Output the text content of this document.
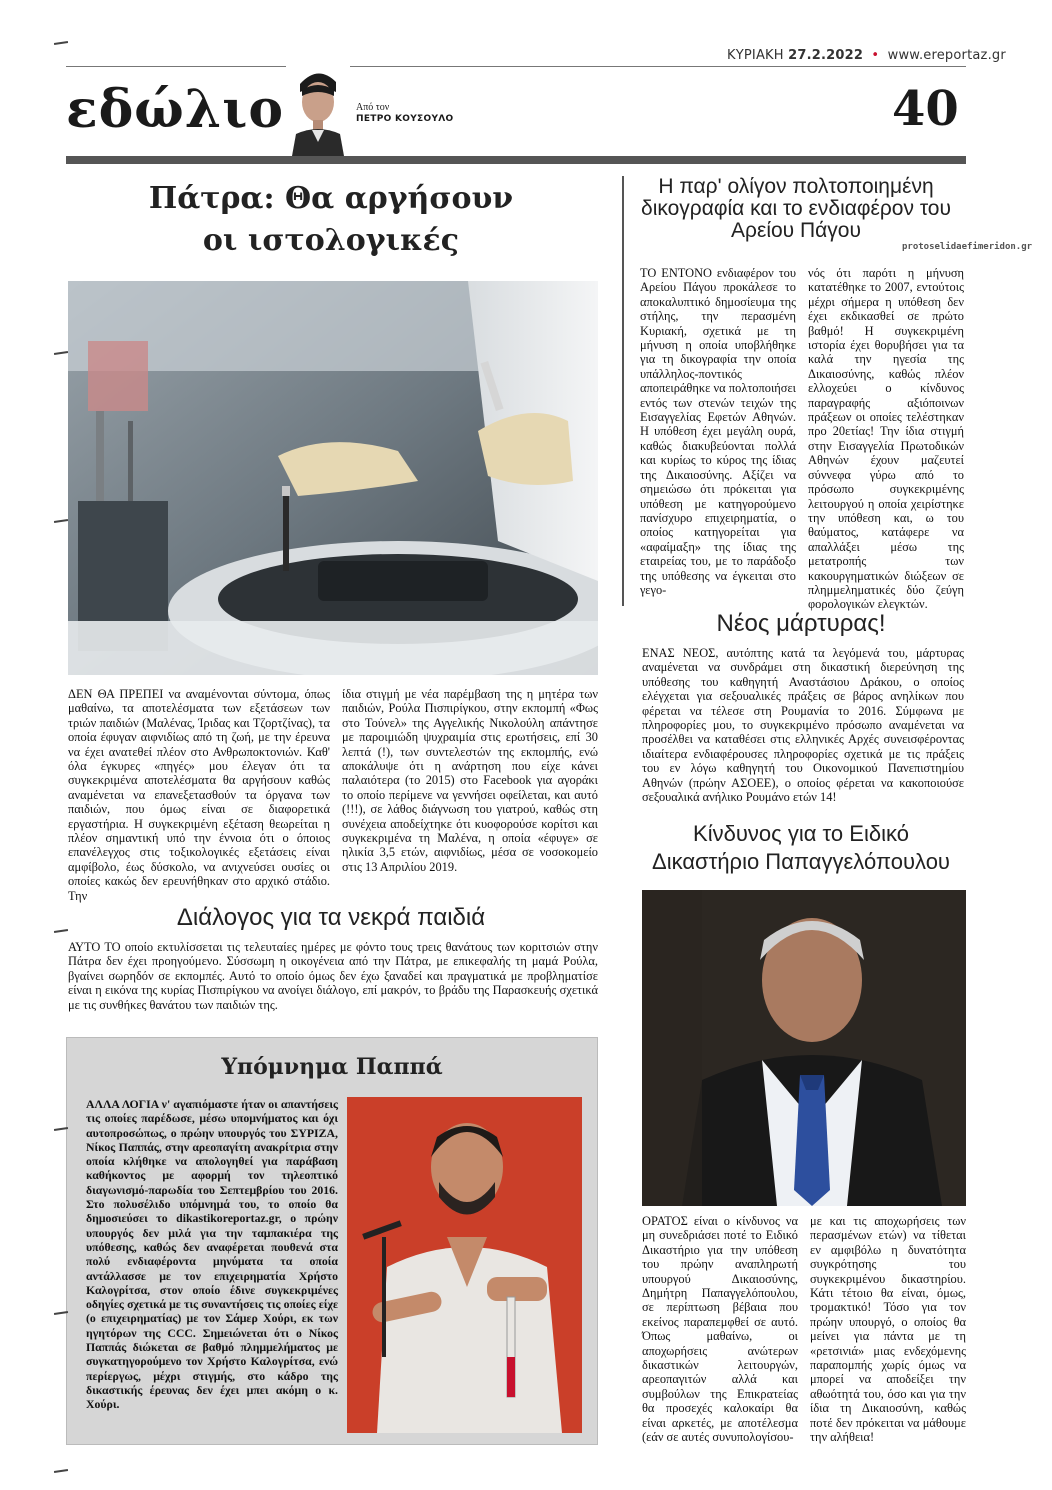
ΚΥΡΙΑΚΗ 27.2.2022 • www.ereportaz.gr
εδώλιο	Από τον
ΠΕΤΡΟ ΚΟΥΣΟΥΛΟ	40
Πάτρα: Θα αργήσουν
οι ιστολογικές
ΔΕΝ ΘΑ ΠΡΕΠΕΙ να αναμένονται σύντομα, όπως μαθαίνω, τα αποτελέσματα των εξετάσεων των τριών παιδιών (Μαλένας, Ίριδας και Τζορτζίνας), τα οποία έφυγαν αιφνιδίως από τη ζωή, με την έρευνα να έχει ανατεθεί πλέον στο Ανθρωποκτονιών. Καθ' όλα έγκυρες «πηγές» μου έλεγαν ότι τα συγκεκριμένα αποτελέσματα θα αργήσουν καθώς αναμένεται να επανεξετασθούν τα όργανα των παιδιών, που όμως είναι σε διαφορετικά εργαστήρια. Η συγκεκριμένη εξέταση θεωρείται η πλέον σημαντική υπό την έννοια ότι ο όποιος επανέλεγχος στις τοξικολογικές εξετάσεις είναι αμφίβολο, έως δύσκολο, να ανιχνεύσει ουσίες οι οποίες κακώς δεν ερευνήθηκαν στο αρχικό στάδιο. Την
ίδια στιγμή με νέα παρέμβαση της η μητέρα των παιδιών, Ρούλα Πισπιρίγκου, στην εκπομπή «Φως στο Τούνελ» της Αγγελικής Νικολούλη απάντησε με παροιμιώδη ψυχραιμία στις ερωτήσεις, επί 30 λεπτά (!), των συντελεστών της εκπομπής, ενώ αποκάλυψε ότι η ανάρτηση που είχε κάνει παλαιότερα (το 2015) στο Facebook για αγοράκι το οποίο περίμενε να γεννήσει οφείλεται, και αυτό (!!!), σε λάθος διάγνωση του γιατρού, καθώς στη συνέχεια αποδείχτηκε ότι κυοφορούσε κορίτσι και συγκεκριμένα τη Μαλένα, η οποία «έφυγε» σε ηλικία 3,5 ετών, αιφνιδίως, μέσα σε νοσοκομείο στις 13 Απριλίου 2019.
Διάλογος για τα νεκρά παιδιά
ΑΥΤΟ ΤΟ οποίο εκτυλίσσεται τις τελευταίες ημέρες με φόντο τους τρεις θανάτους των κοριτσιών στην Πάτρα δεν έχει προηγούμενο. Σύσσωμη η οικογένεια από την Πάτρα, με επικεφαλής τη μαμά Ρούλα, βγαίνει σωρηδόν σε εκπομπές. Αυτό το οποίο όμως δεν έχω ξαναδεί και πραγματικά με προβληματίσε είναι η εικόνα της κυρίας Πισπιρίγκου να ανοίγει διάλογο, επί μακρόν, το βράδυ της Παρασκευής σχετικά με τις συνθήκες θανάτου των παιδιών της.
Υπόμνημα Παππά
ΑΛΛΑ ΛΟΓΙΑ ν' αγαπιόμαστε ήταν οι απαντήσεις τις οποίες παρέδωσε, μέσω υπομνήματος και όχι αυτοπροσώπως, ο πρώην υπουργός του ΣΥΡΙΖΑ, Νίκος Παππάς, στην αρεοπαγίτη ανακρίτρια στην οποία κλήθηκε να απολογηθεί για παράβαση καθήκοντος με αφορμή τον τηλεοπτικό διαγωνισμό-παρωδία του Σεπτεμβρίου του 2016. Στο πολυσέλιδο υπόμνημά του, το οποίο θα δημοσιεύσει το dikastikoreportaz.gr, ο πρώην υπουργός δεν μιλά για την ταμπακιέρα της υπόθεσης, καθώς δεν αναφέρεται πουθενά στα πολύ ενδιαφέροντα μηνύματα τα οποία αντάλλασσε με τον επιχειρηματία Χρήστο Καλογρίτσα, στον οποίο έδινε συγκεκριμένες οδηγίες σχετικά με τις συναντήσεις τις οποίες είχε (ο επιχειρηματίας) με τον Σάμερ Χούρι, εκ των ηγητόρων της CCC. Σημειώνεται ότι ο Νίκος Παππάς διώκεται σε βαθμό πλημμελήματος με συγκατηγορούμενο τον Χρήστο Καλογρίτσα, ενώ περίεργως, μέχρι στιγμής, στο κάδρο της δικαστικής έρευνας δεν έχει μπει ακόμη ο κ. Χούρι.
Η παρ' ολίγον πολτοποιημένη δικογραφία και το ενδιαφέρον του Αρείου Πάγου
protoselidaefimeridon.gr
ΤΟ ΕΝΤΟΝΟ ενδιαφέρον του Αρείου Πάγου προκάλεσε το αποκαλυπτικό δημοσίευμα της στήλης, την περασμένη Κυριακή, σχετικά με τη μήνυση η οποία υποβλήθηκε για τη δικογραφία την οποία υπάλληλος-ποντικός αποπειράθηκε να πολτοποιήσει εντός των στενών τειχών της Εισαγγελίας Εφετών Αθηνών. Η υπόθεση έχει μεγάλη ουρά, καθώς διακυβεύονται πολλά και κυρίως το κύρος της ίδιας της Δικαιοσύνης. Αξίζει να σημειώσω ότι πρόκειται για υπόθεση με κατηγορούμενο πανίσχυρο επιχειρηματία, ο οποίος κατηγορείται για «αφαίμαξη» της ίδιας της εταιρείας του, με το παράδοξο της υπόθεσης να έγκειται στο γεγο-
νός ότι παρότι η μήνυση κατατέθηκε το 2007, εντούτοις μέχρι σήμερα η υπόθεση δεν έχει εκδικασθεί σε πρώτο βαθμό! Η συγκεκριμένη ιστορία έχει θορυβήσει για τα καλά την ηγεσία της Δικαιοσύνης, καθώς πλέον ελλοχεύει ο κίνδυνος παραγραφής αξιόποινων πράξεων οι οποίες τελέστηκαν προ 20ετίας! Την ίδια στιγμή στην Εισαγγελία Πρωτοδικών Αθηνών έχουν μαζευτεί σύννεφα γύρω από το πρόσωπο συγκεκριμένης λειτουργού η οποία χειρίστηκε την υπόθεση και, ω του θαύματος, κατάφερε να απαλλάξει μέσω της μετατροπής των κακουργηματικών διώξεων σε πλημμεληματικές δύο ζεύγη φορολογικών ελεγκτών.
Νέος μάρτυρας!
ΕΝΑΣ ΝΕΟΣ, αυτόπτης κατά τα λεγόμενά του, μάρτυρας αναμένεται να συνδράμει στη δικαστική διερεύνηση της υπόθεσης του καθηγητή Αναστάσιου Δράκου, ο οποίος ελέγχεται για σεξουαλικές πράξεις σε βάρος ανηλίκων που φέρεται να τέλεσε στη Ρουμανία το 2016. Σύμφωνα με πληροφορίες μου, το συγκεκριμένο πρόσωπο αναμένεται να προσέλθει να καταθέσει στις ελληνικές Αρχές συνεισφέροντας ιδιαίτερα ενδιαφέρουσες πληροφορίες σχετικά με τις πράξεις του εν λόγω καθηγητή του Οικονομικού Πανεπιστημίου Αθηνών (πρώην ΑΣΟΕΕ), ο οποίος φέρεται να κακοποιούσε σεξουαλικά ανήλικο Ρουμάνο ετών 14!
Κίνδυνος για το Ειδικό
Δικαστήριο Παπαγγελόπουλου
ΟΡΑΤΟΣ είναι ο κίνδυνος να μη συνεδριάσει ποτέ το Ειδικό Δικαστήριο για την υπόθεση του πρώην αναπληρωτή υπουργού Δικαιοσύνης, Δημήτρη Παπαγγελόπουλου, σε περίπτωση βέβαια που εκείνος παραπεμφθεί σε αυτό. Όπως μαθαίνω, οι αποχωρήσεις ανώτερων δικαστικών λειτουργών, αρεοπαγιτών αλλά και συμβούλων της Επικρατείας θα προσεχές καλοκαίρι θα είναι αρκετές, με αποτέλεσμα (εάν σε αυτές συνυπολογίσου-
με και τις αποχωρήσεις των περασμένων ετών) να τίθεται εν αμφιβόλω η δυνατότητα συγκρότησης του συγκεκριμένου δικαστηρίου. Κάτι τέτοιο θα είναι, όμως, τρομακτικό! Τόσο για τον πρώην υπουργό, ο οποίος θα μείνει για πάντα με τη «ρετσινιά» μιας ενδεχόμενης παραπομπής χωρίς όμως να μπορεί να αποδείξει την αθωότητά του, όσο και για την ίδια τη Δικαιοσύνη, καθώς ποτέ δεν πρόκειται να μάθουμε την αλήθεια!
